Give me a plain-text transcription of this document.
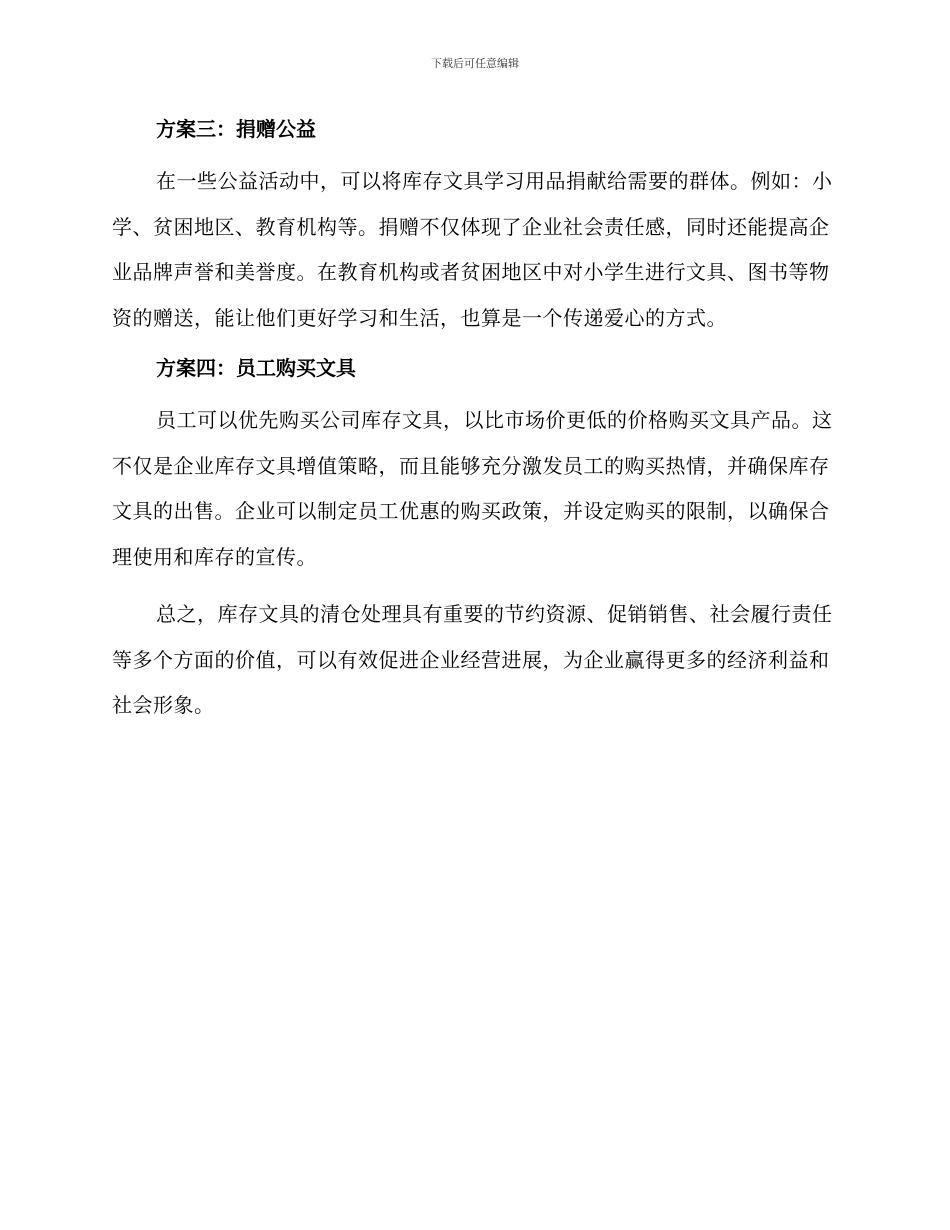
下载后可任意编辑
方案三：捐赠公益

在一些公益活动中，可以将库存文具学习用品捐献给需要的群体。例如：小学、贫困地区、教育机构等。捐赠不仅体现了企业社会责任感，同时还能提高企业品牌声誉和美誉度。在教育机构或者贫困地区中对小学生进行文具、图书等物资的赠送，能让他们更好学习和生活，也算是一个传递爱心的方式。

方案四：员工购买文具

员工可以优先购买公司库存文具，以比市场价更低的价格购买文具产品。这不仅是企业库存文具增值策略，而且能够充分激发员工的购买热情，并确保库存文具的出售。企业可以制定员工优惠的购买政策，并设定购买的限制，以确保合理使用和库存的宣传。

总之，库存文具的清仓处理具有重要的节约资源、促销销售、社会履行责任等多个方面的价值，可以有效促进企业经营进展，为企业赢得更多的经济利益和社会形象。
